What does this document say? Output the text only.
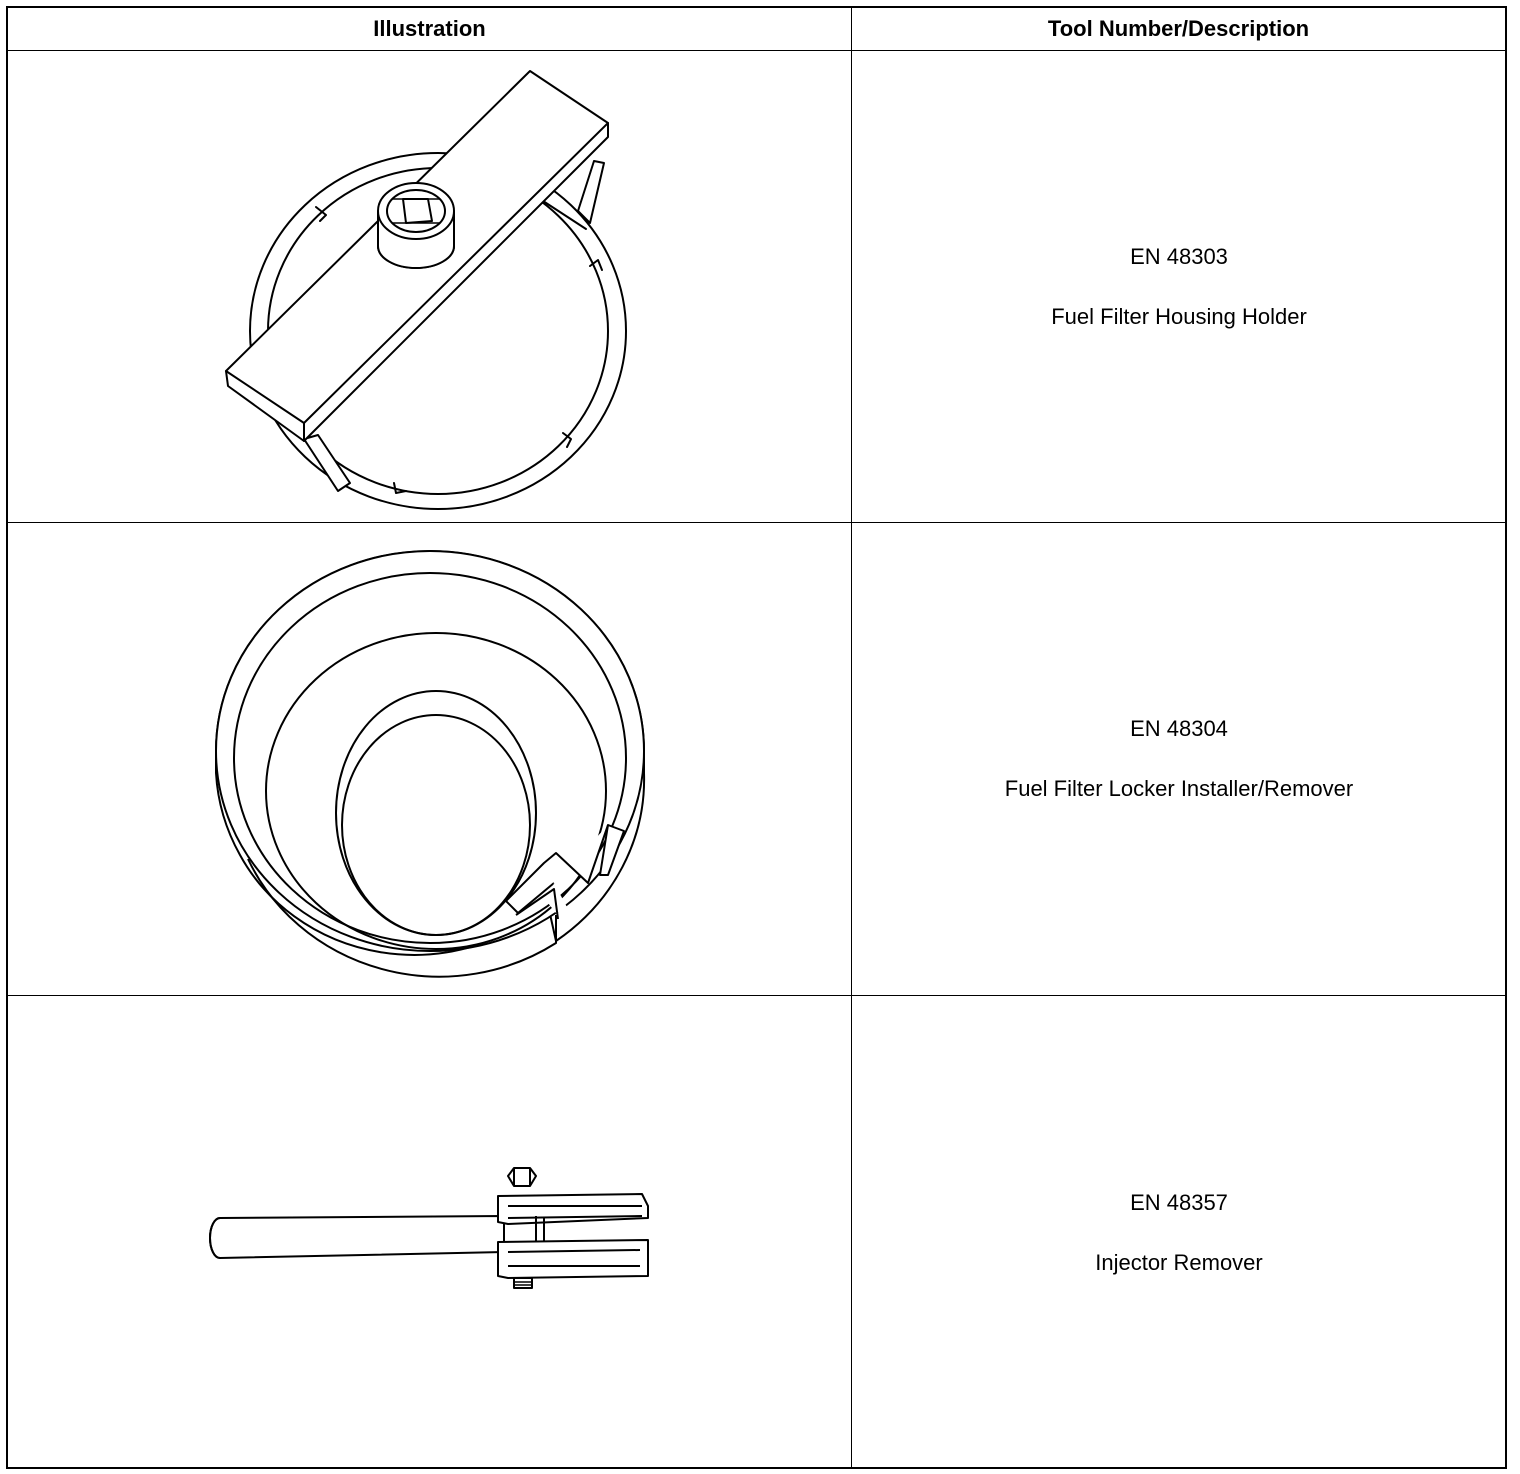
Illustration	Tool Number/Description

EN 48303

Fuel Filter Housing Holder

EN 48304

Fuel Filter Locker Installer/Remover

EN 48357

Injector Remover
